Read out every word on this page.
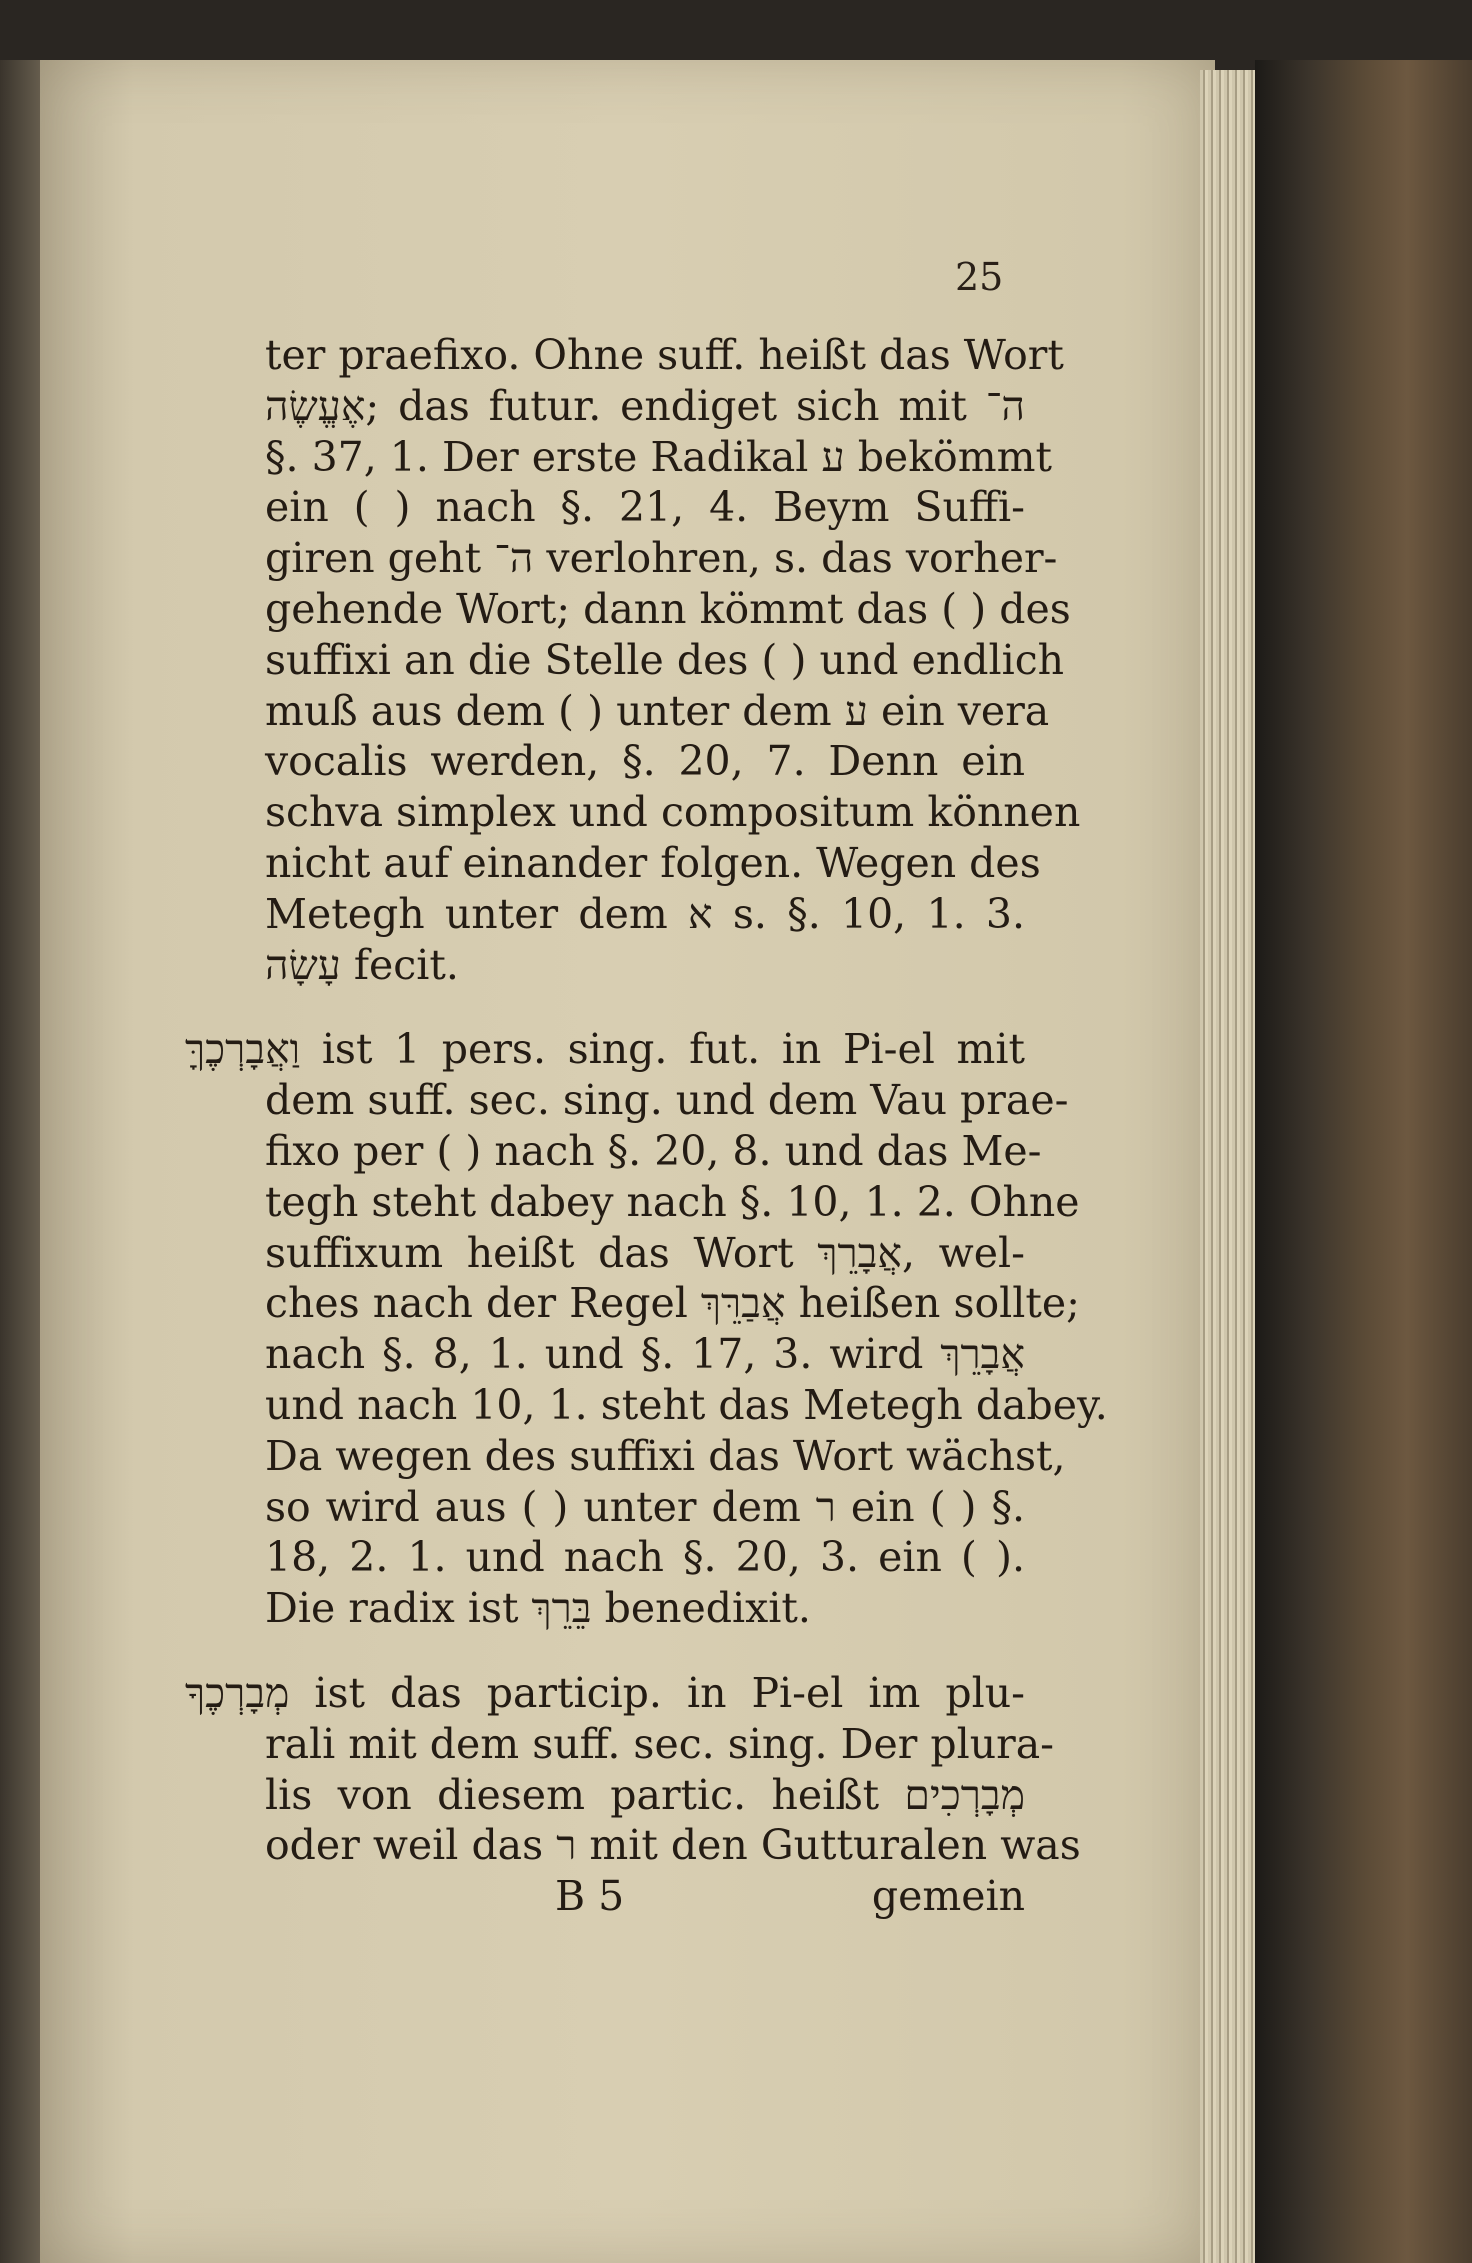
25
ter praefixo. Ohne suff. heißt das Wort
אֶעֱשֶׂה; das futur. endiget sich mit ה־
§. 37, 1. Der erste Radikal ע bekömmt
ein ( ) nach §. 21, 4. Beym Suffi-
giren geht ה־ verlohren, s. das vorher-
gehende Wort; dann kömmt das ( ) des
suffixi an die Stelle des ( ) und endlich
muß aus dem ( ) unter dem ע ein vera
vocalis werden, §. 20, 7. Denn ein
schva simplex und compositum können
nicht auf einander folgen. Wegen des
Metegh unter dem א s. §. 10, 1. 3.
עָשָׂה fecit.
וַאֲבָרְכֶךָּ ist 1 pers. sing. fut. in Pi-el mit
dem suff. sec. sing. und dem Vau prae-
fixo per ( ) nach §. 20, 8. und das Me-
tegh steht dabey nach §. 10, 1. 2. Ohne
suffixum heißt das Wort אֲבָרֵךְ, wel-
ches nach der Regel אֲבַרֵּךְ heißen sollte;
nach §. 8, 1. und §. 17, 3. wird אֲבָרֵךְ
und nach 10, 1. steht das Metegh dabey.
Da wegen des suffixi das Wort wächst,
so wird aus ( ) unter dem ר ein ( ) §.
18, 2. 1. und nach §. 20, 3. ein ( ).
Die radix ist בֵּרֵךְ benedixit.
מְבָרְכֶךָ ist das particip. in Pi-el im plu-
rali mit dem suff. sec. sing. Der plura-
lis von diesem partic. heißt מְבָרְכִים
oder weil das ר mit den Gutturalen was
B 5	gemein
